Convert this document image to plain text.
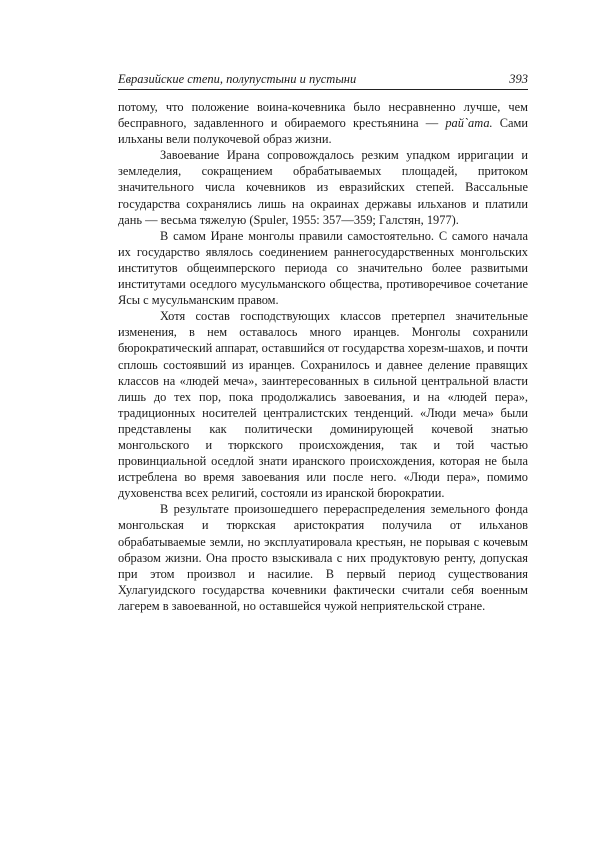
Евразийские степи, полупустыни и пустыни	393

потому, что положение воина-кочевника было несравненно лучше, чем бесправного, задавленного и обираемого крестьянина — рай`ата. Сами ильханы вели полукочевой образ жизни.

Завоевание Ирана сопровождалось резким упадком ирригации и земледелия, сокращением обрабатываемых площадей, притоком значительного числа кочевников из евразийских степей. Вассальные государства сохранялись лишь на окраинах державы ильханов и платили дань — весьма тяжелую (Spuler, 1955: 357—359; Галстян, 1977).

В самом Иране монголы правили самостоятельно. С самого начала их государство являлось соединением раннегосударственных монгольских институтов общеимперского периода со значительно более развитыми институтами оседлого мусульманского общества, противоречивое сочетание Ясы с мусульманским правом.

Хотя состав господствующих классов претерпел значительные изменения, в нем оставалось много иранцев. Монголы сохранили бюрократический аппарат, оставшийся от государства хорезм-шахов, и почти сплошь состоявший из иранцев. Сохранилось и давнее деление правящих классов на «людей меча», заинтересованных в сильной центральной власти лишь до тех пор, пока продолжались завоевания, и на «людей пера», традиционных носителей централистских тенденций. «Люди меча» были представлены как политически доминирующей кочевой знатью монгольского и тюркского происхождения, так и той частью провинциальной оседлой знати иранского происхождения, которая не была истреблена во время завоевания или после него. «Люди пера», помимо духовенства всех религий, состояли из иранской бюрократии.

В результате произошедшего перераспределения земельного фонда монгольская и тюркская аристократия получила от ильханов обрабатываемые земли, но эксплуатировала крестьян, не порывая с кочевым образом жизни. Она просто взыскивала с них продуктовую ренту, допуская при этом произвол и насилие. В первый период существования Хулагуидского государства кочевники фактически считали себя военным лагерем в завоеванной, но оставшейся чужой неприятельской стране.
